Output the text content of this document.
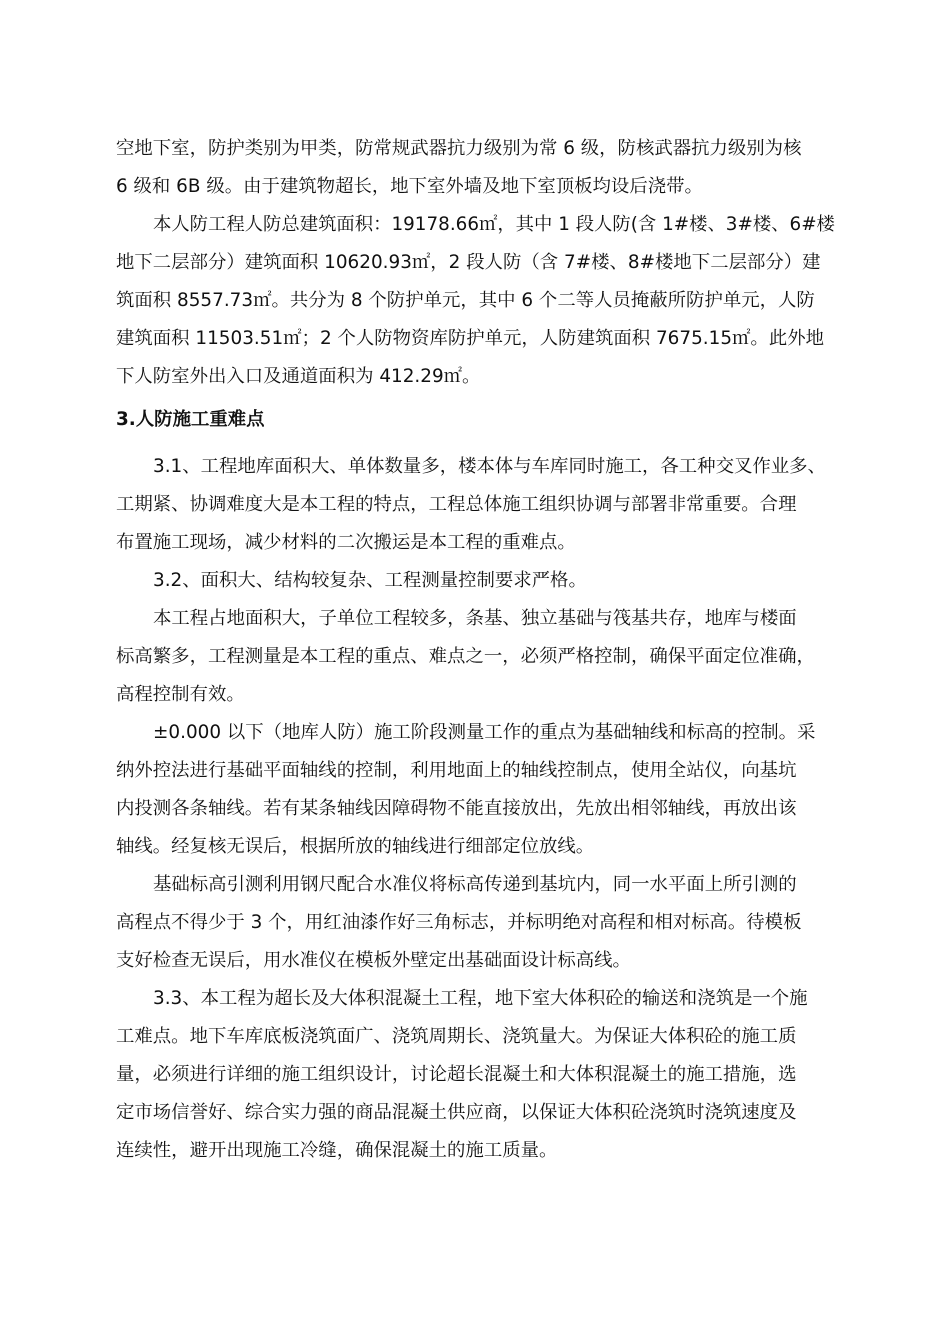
空地下室，防护类别为甲类，防常规武器抗力级别为常 6 级，防核武器抗力级别为核
6 级和 6B 级。由于建筑物超长，地下室外墙及地下室顶板均设后浇带。
本人防工程人防总建筑面积：19178.66㎡，其中 1 段人防(含 1#楼、3#楼、6#楼
地下二层部分）建筑面积 10620.93㎡，2 段人防（含 7#楼、8#楼地下二层部分）建
筑面积 8557.73㎡。共分为 8 个防护单元，其中 6 个二等人员掩蔽所防护单元，人防
建筑面积 11503.51㎡；2 个人防物资库防护单元，人防建筑面积 7675.15㎡。此外地
下人防室外出入口及通道面积为 412.29㎡。
3.人防施工重难点
3.1、工程地库面积大、单体数量多，楼本体与车库同时施工，各工种交叉作业多、
工期紧、协调难度大是本工程的特点，工程总体施工组织协调与部署非常重要。合理
布置施工现场，减少材料的二次搬运是本工程的重难点。
3.2、面积大、结构较复杂、工程测量控制要求严格。
本工程占地面积大，子单位工程较多，条基、独立基础与筏基共存，地库与楼面
标高繁多，工程测量是本工程的重点、难点之一，必须严格控制，确保平面定位准确，
高程控制有效。
±0.000 以下（地库人防）施工阶段测量工作的重点为基础轴线和标高的控制。采
纳外控法进行基础平面轴线的控制，利用地面上的轴线控制点，使用全站仪，向基坑
内投测各条轴线。若有某条轴线因障碍物不能直接放出，先放出相邻轴线，再放出该
轴线。经复核无误后，根据所放的轴线进行细部定位放线。
基础标高引测利用钢尺配合水准仪将标高传递到基坑内，同一水平面上所引测的
高程点不得少于 3 个，用红油漆作好三角标志，并标明绝对高程和相对标高。待模板
支好检查无误后，用水准仪在模板外壁定出基础面设计标高线。
3.3、本工程为超长及大体积混凝土工程，地下室大体积砼的输送和浇筑是一个施
工难点。地下车库底板浇筑面广、浇筑周期长、浇筑量大。为保证大体积砼的施工质
量，必须进行详细的施工组织设计，讨论超长混凝土和大体积混凝土的施工措施，选
定市场信誉好、综合实力强的商品混凝土供应商，以保证大体积砼浇筑时浇筑速度及
连续性，避开出现施工冷缝，确保混凝土的施工质量。
